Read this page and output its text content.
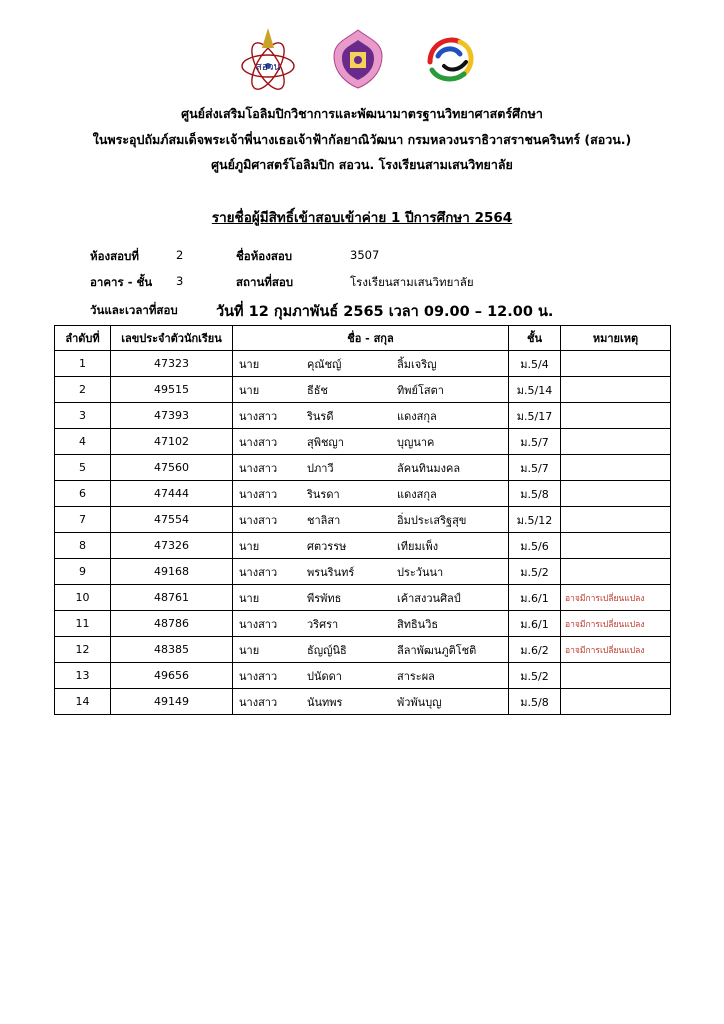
สอวน
ศูนย์ส่งเสริมโอลิมปิกวิชาการและพัฒนามาตรฐานวิทยาศาสตร์ศึกษา
ในพระอุปถัมภ์สมเด็จพระเจ้าพี่นางเธอเจ้าฟ้ากัลยาณิวัฒนา กรมหลวงนราธิวาสราชนครินทร์ (สอวน.)
ศูนย์ภูมิศาสตร์โอลิมปิก สอวน. โรงเรียนสามเสนวิทยาลัย
รายชื่อผู้มีสิทธิ์เข้าสอบเข้าค่าย 1 ปีการศึกษา 2564
ห้องสอบที่	2	ชื่อห้องสอบ	3507
อาคาร - ชั้น 3	สถานที่สอบ	โรงเรียนสามเสนวิทยาลัย
วันและเวลาที่สอบ	วันที่ 12 กุมภาพันธ์ 2565 เวลา 09.00 – 12.00 น.
ลำดับที่	เลขประจำตัวนักเรียน	ชื่อ - สกุล	ชั้น	หมายเหตุ
1	47323	นาย คุณัชญ์ ลิ้มเจริญ	ม.5/4	
2	49515	นาย ธีธัช ทิพย์โสตา	ม.5/14	
3	47393	นางสาว รินรดี แดงสกุล	ม.5/17	
4	47102	นางสาว สุพิชญา บุญนาค	ม.5/7	
5	47560	นางสาว ปภาวี ลัคนทินมงคล	ม.5/7	
6	47444	นางสาว รินรดา แดงสกุล	ม.5/8	
7	47554	นางสาว ชาลิสา อิ่มประเสริฐสุข	ม.5/12	
8	47326	นาย ศตวรรษ เทียมเพ็ง	ม.5/6	
9	49168	นางสาว พรนรินทร์ ประวันนา	ม.5/2	
10	48761	นาย พีรพัทธ เค้าสงวนศิลป์	ม.6/1	อาจมีการเปลี่ยนแปลง
11	48786	นางสาว วริศรา สิทธินวิธ	ม.6/1	อาจมีการเปลี่ยนแปลง
12	48385	นาย ธัญญ์นิธิ ลีลาพัฒนภูติโชติ	ม.6/2	อาจมีการเปลี่ยนแปลง
13	49656	นางสาว ปนัดดา สาระผล	ม.5/2	
14	49149	นางสาว นันทพร พัวพันบุญ	ม.5/8	
